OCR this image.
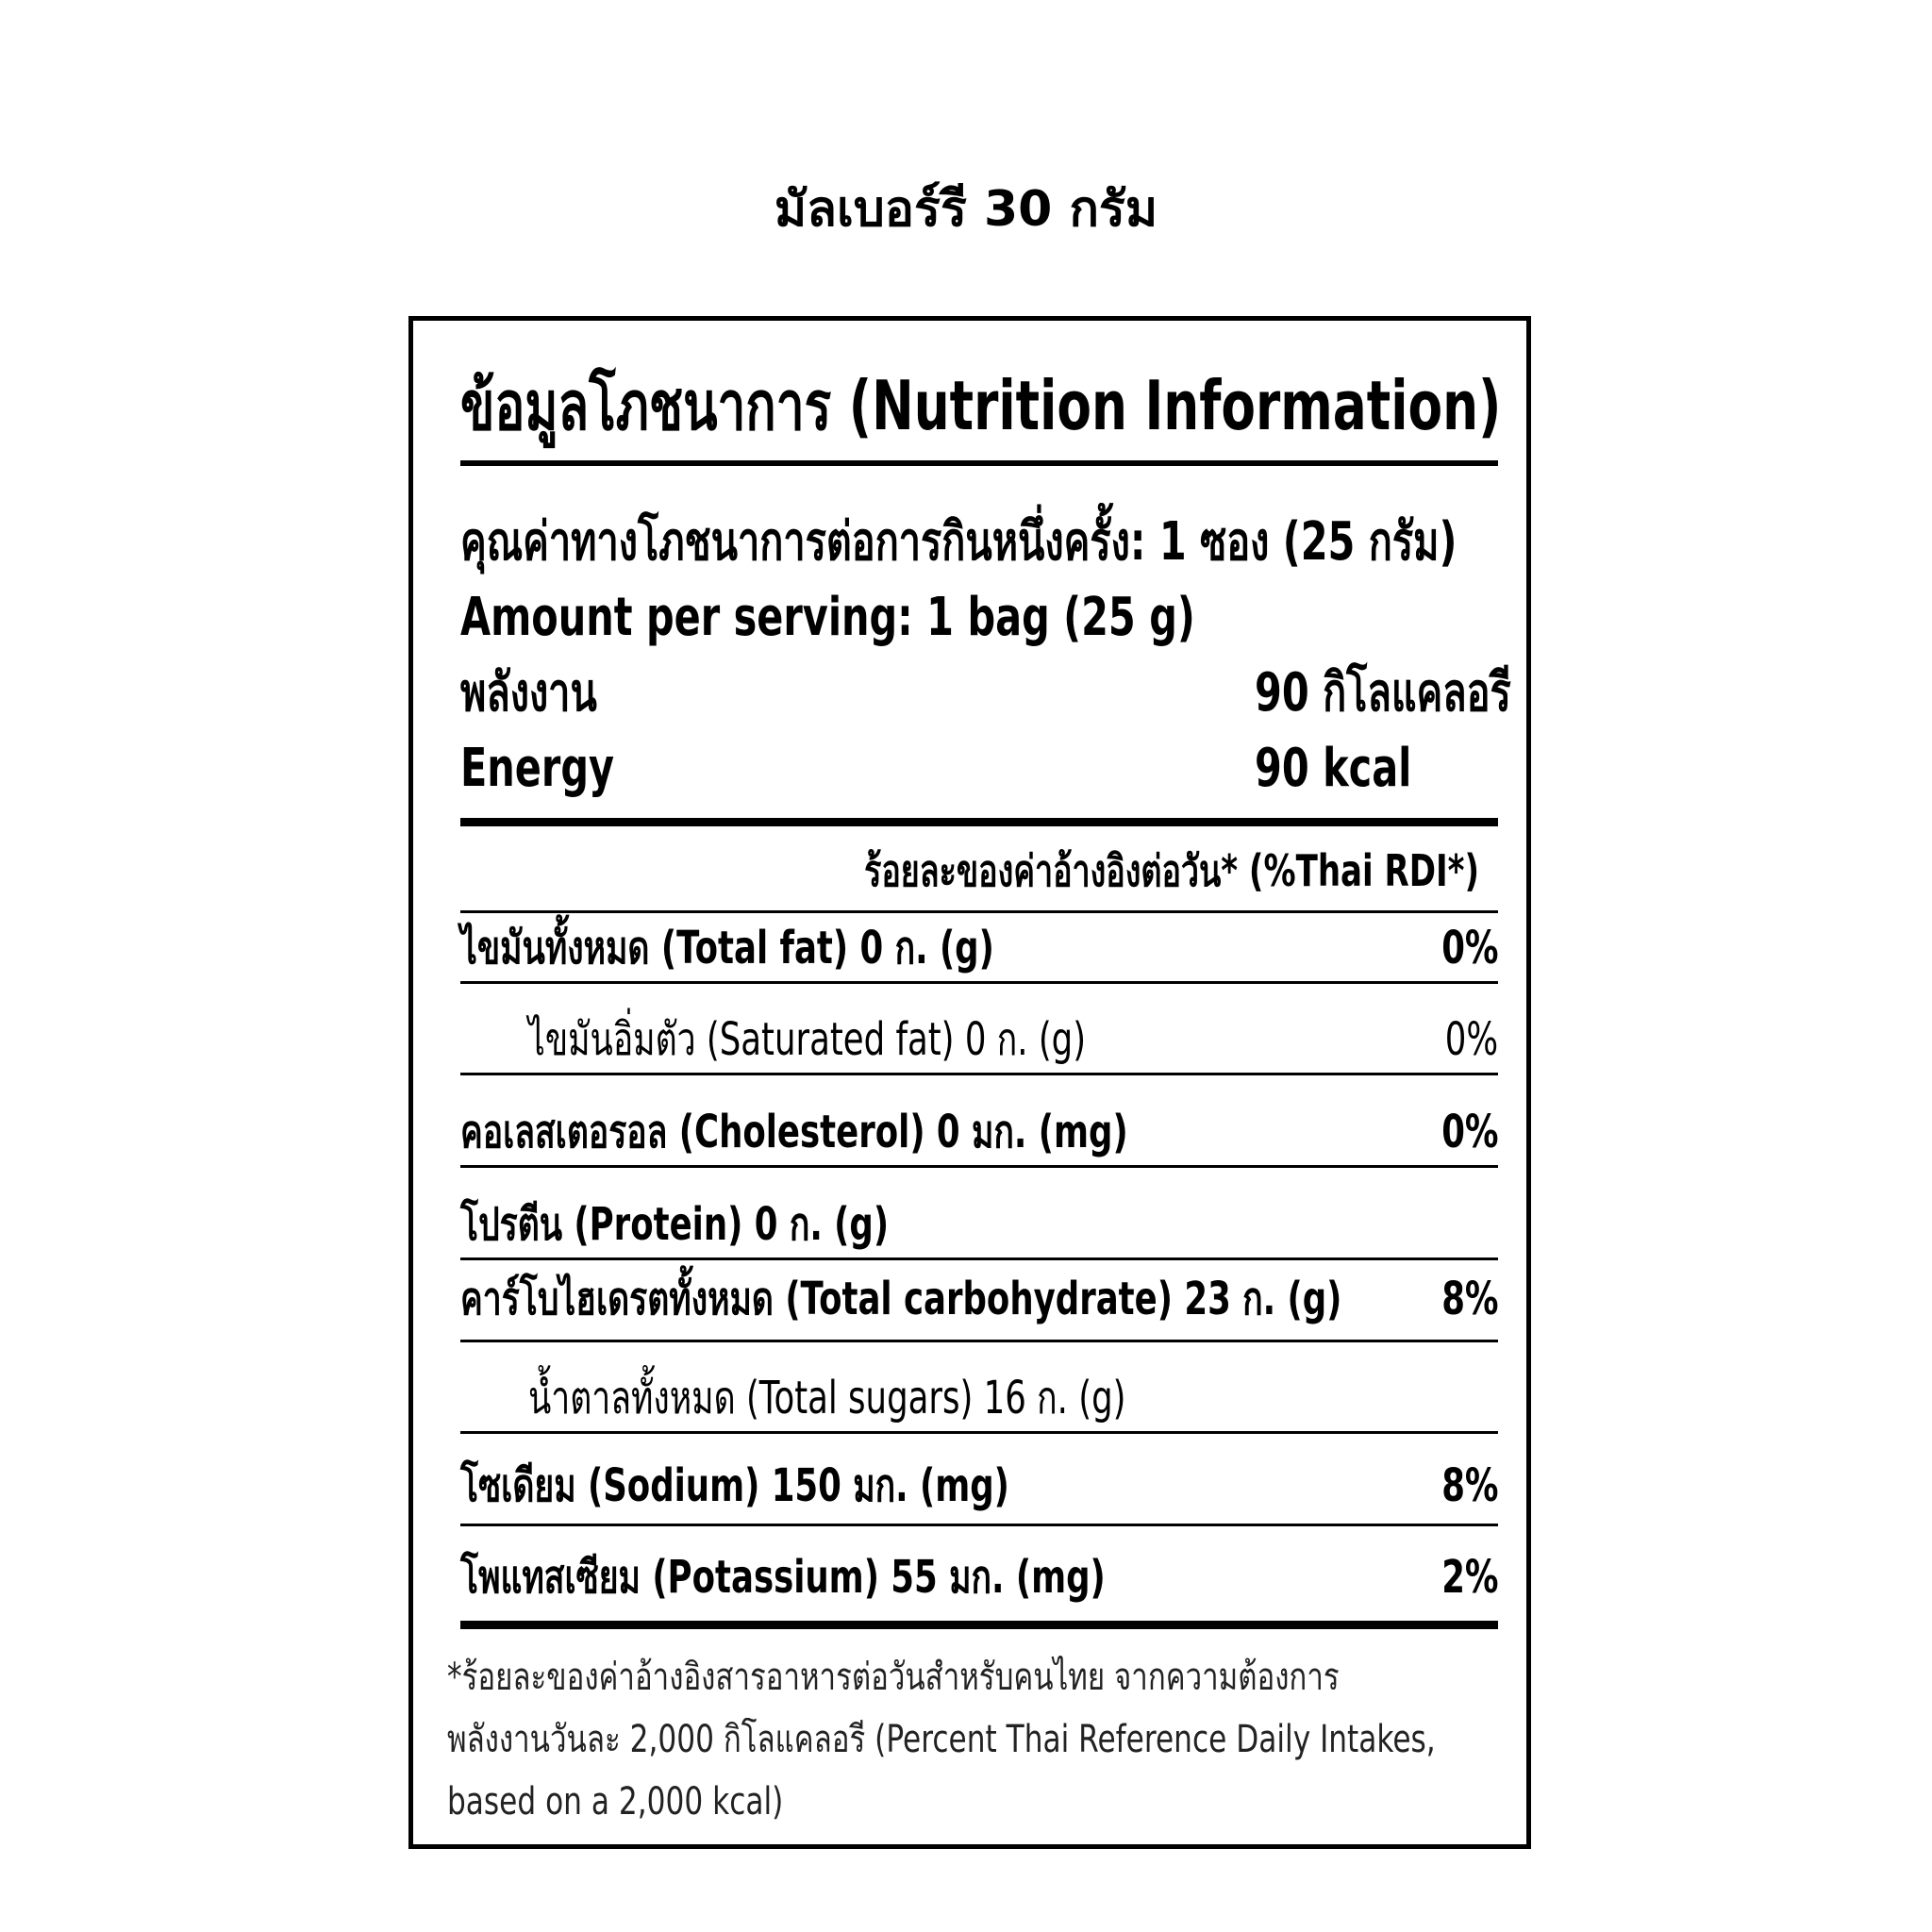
มัลเบอร์รี 30 กรัม
ข้อมูลโภชนาการ (Nutrition Information)
คุณค่าทางโภชนาการต่อการกินหนึ่งครั้ง: 1 ซอง (25 กรัม)
Amount per serving: 1 bag (25 g)
พลังงาน	90 กิโลแคลอรี
Energy	90 kcal
ร้อยละของค่าอ้างอิงต่อวัน* (%Thai RDI*)
ไขมันทั้งหมด (Total fat) 0 ก. (g)	0%
ไขมันอิ่มตัว (Saturated fat) 0 ก. (g)	0%
คอเลสเตอรอล (Cholesterol) 0 มก. (mg)	0%
โปรตีน (Protein) 0 ก. (g)
คาร์โบไฮเดรตทั้งหมด (Total carbohydrate) 23 ก. (g)	8%
น้ำตาลทั้งหมด (Total sugars) 16 ก. (g)
โซเดียม (Sodium) 150 มก. (mg)	8%
โพแทสเซียม (Potassium) 55 มก. (mg)	2%
*ร้อยละของค่าอ้างอิงสารอาหารต่อวันสำหรับคนไทย จากความต้องการ
พลังงานวันละ 2,000 กิโลแคลอรี (Percent Thai Reference Daily Intakes,
based on a 2,000 kcal)
